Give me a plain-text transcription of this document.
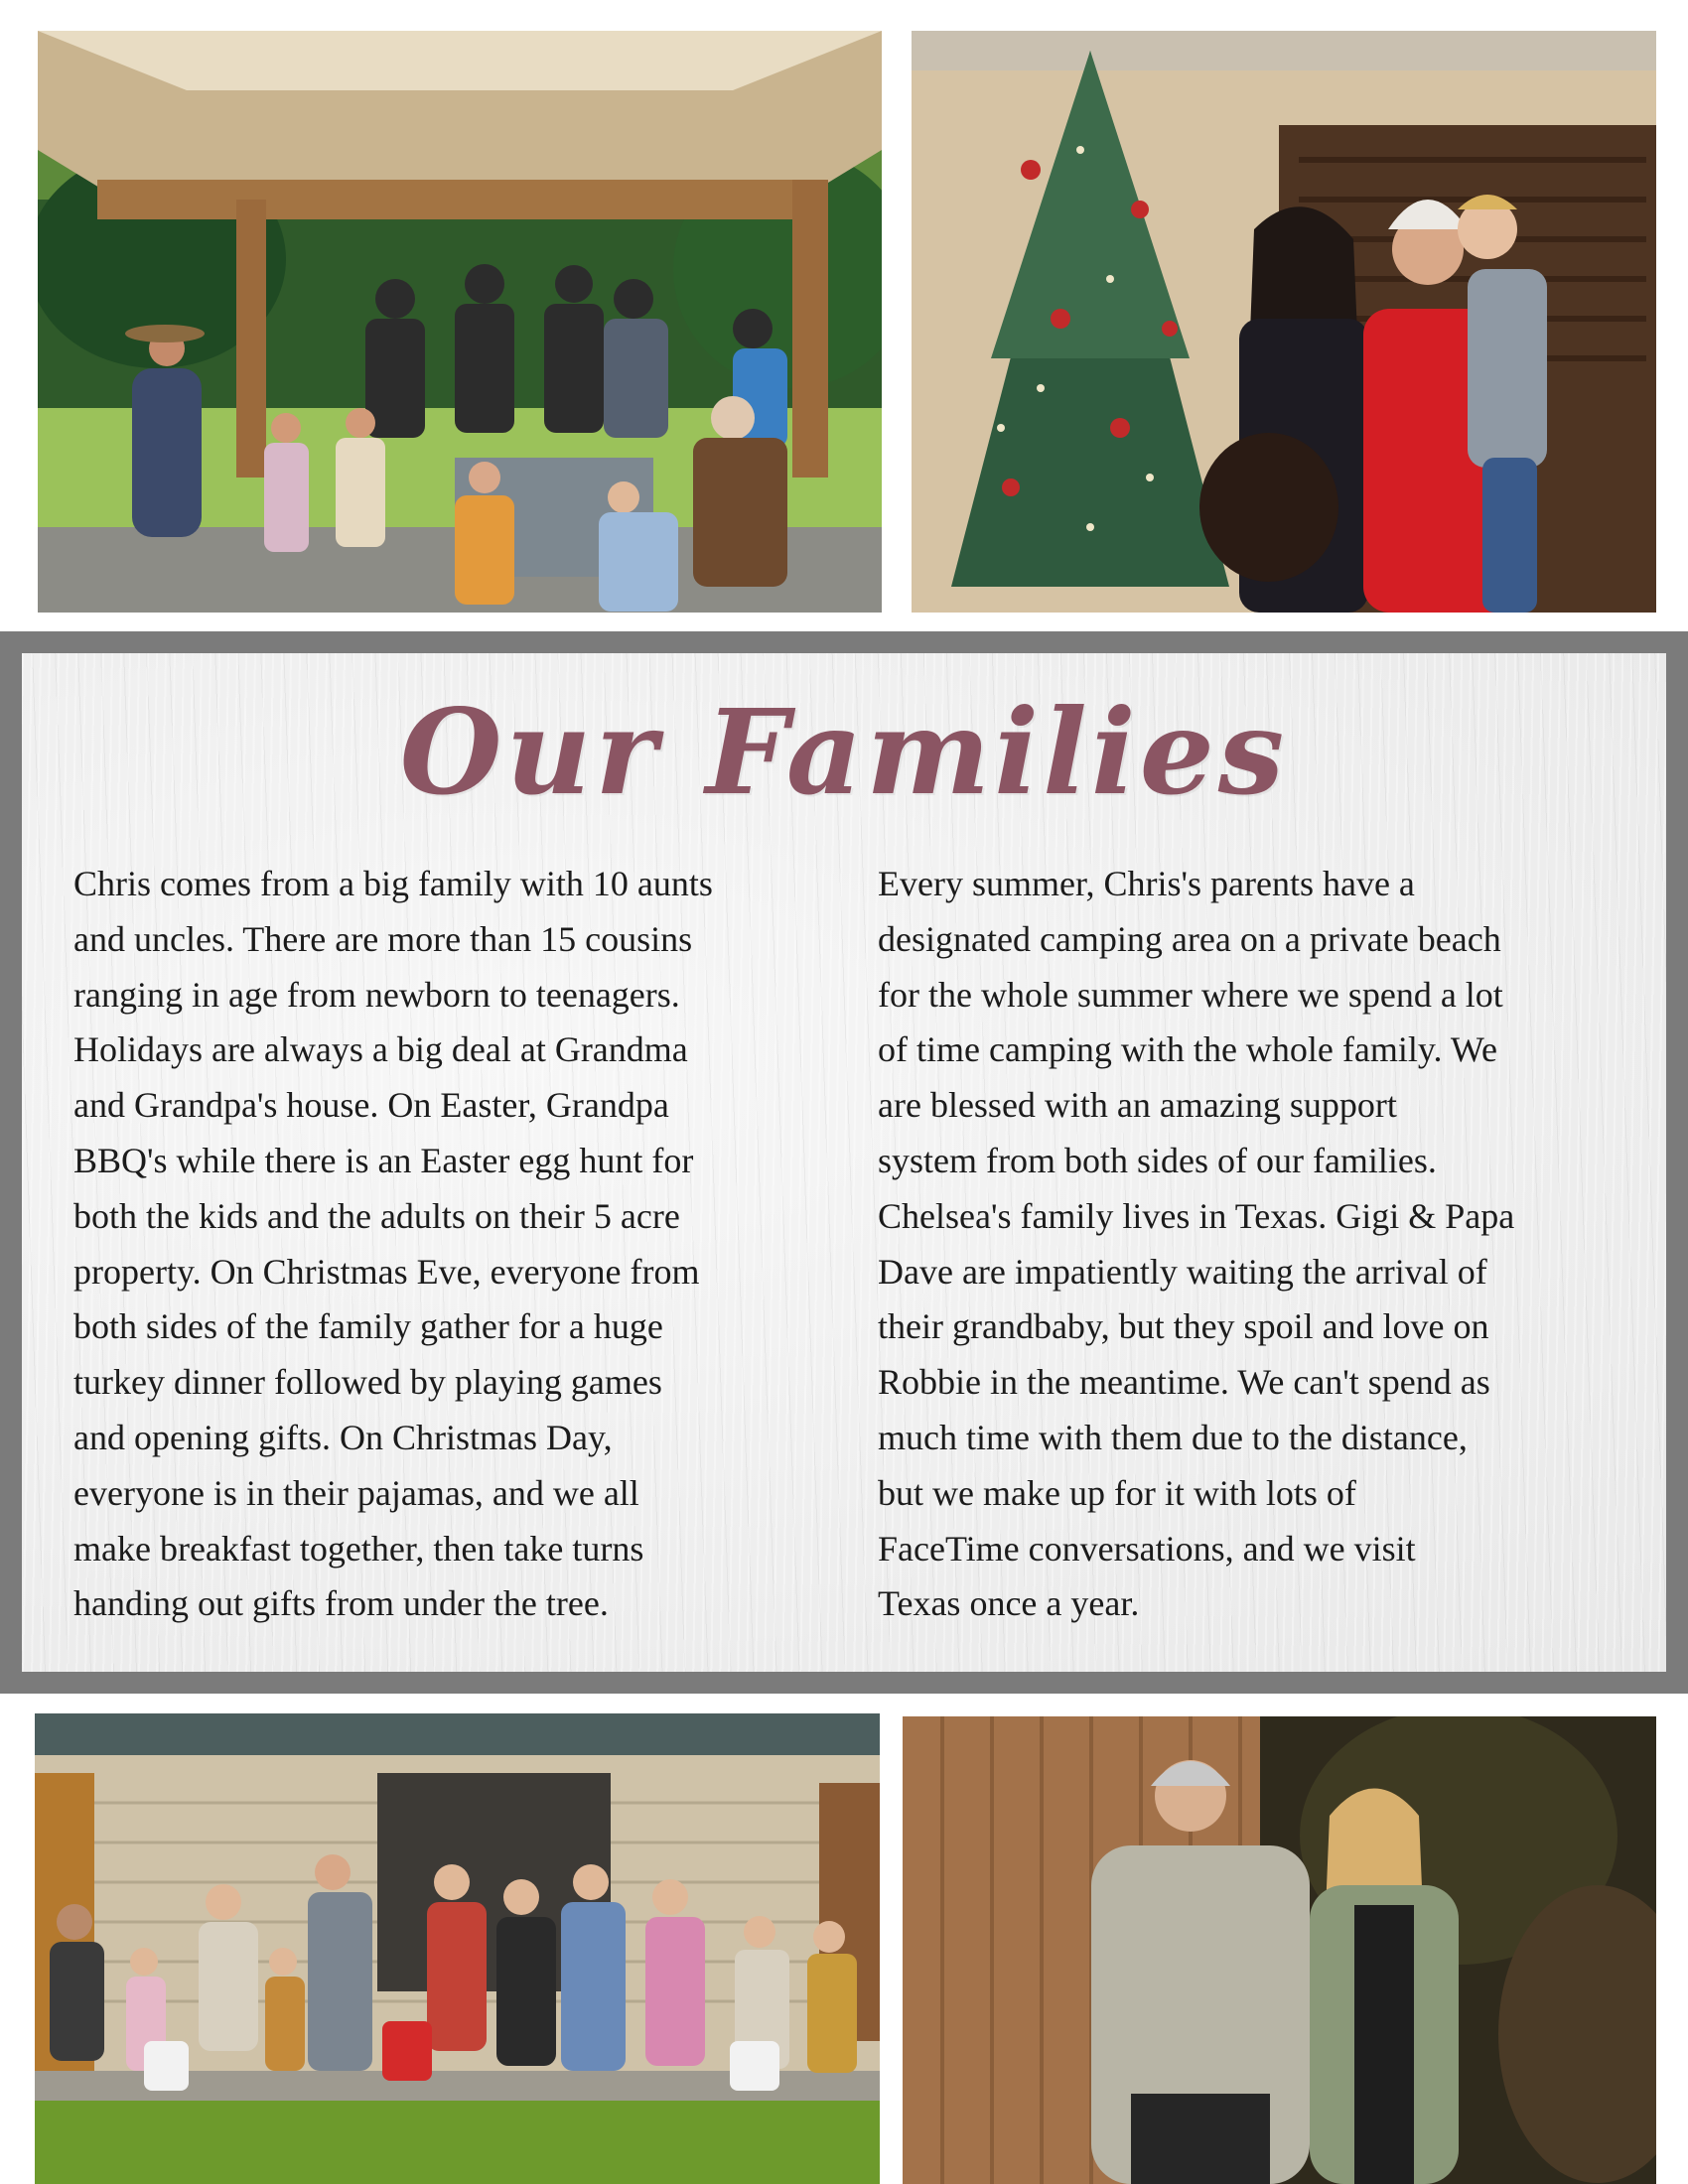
Our Families

Chris comes from a big family with 10 aunts
and uncles. There are more than 15 cousins
ranging in age from newborn to teenagers.
Holidays are always a big deal at Grandma
and Grandpa's house. On Easter, Grandpa
BBQ's while there is an Easter egg hunt for
both the kids and the adults on their 5 acre
property. On Christmas Eve, everyone from
both sides of the family gather for a huge
turkey dinner followed by playing games
and opening gifts. On Christmas Day,
everyone is in their pajamas, and we all
make breakfast together, then take turns
handing out gifts from under the tree.

Every summer, Chris's parents have a
designated camping area on a private beach
for the whole summer where we spend a lot
of time camping with the whole family. We
are blessed with an amazing support
system from both sides of our families.
Chelsea's family lives in Texas. Gigi & Papa
Dave are impatiently waiting the arrival of
their grandbaby, but they spoil and love on
Robbie in the meantime. We can't spend as
much time with them due to the distance,
but we make up for it with lots of
FaceTime conversations, and we visit
Texas once a year.
